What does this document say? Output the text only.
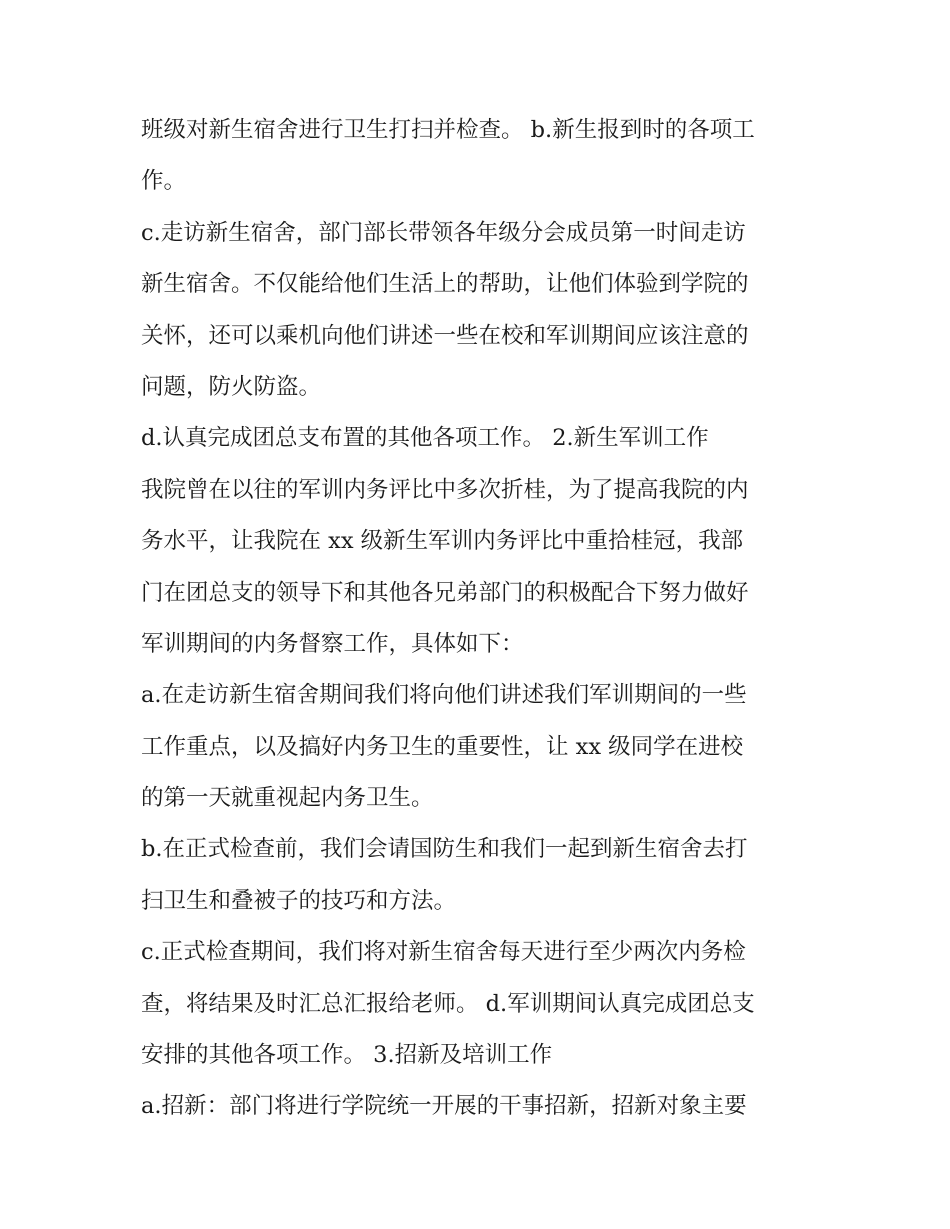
班级对新生宿舍进行卫生打扫并检查。 b.新生报到时的各项工
作。
c.走访新生宿舍，部门部长带领各年级分会成员第一时间走访
新生宿舍。不仅能给他们生活上的帮助，让他们体验到学院的
关怀，还可以乘机向他们讲述一些在校和军训期间应该注意的
问题，防火防盗。
d.认真完成团总支布置的其他各项工作。 2.新生军训工作
我院曾在以往的军训内务评比中多次折桂，为了提高我院的内
务水平，让我院在 xx 级新生军训内务评比中重拾桂冠，我部
门在团总支的领导下和其他各兄弟部门的积极配合下努力做好
军训期间的内务督察工作，具体如下：
a.在走访新生宿舍期间我们将向他们讲述我们军训期间的一些
工作重点，以及搞好内务卫生的重要性，让 xx 级同学在进校
的第一天就重视起内务卫生。
b.在正式检查前，我们会请国防生和我们一起到新生宿舍去打
扫卫生和叠被子的技巧和方法。
c.正式检查期间，我们将对新生宿舍每天进行至少两次内务检
查，将结果及时汇总汇报给老师。 d.军训期间认真完成团总支
安排的其他各项工作。 3.招新及培训工作
a.招新：部门将进行学院统一开展的干事招新，招新对象主要
